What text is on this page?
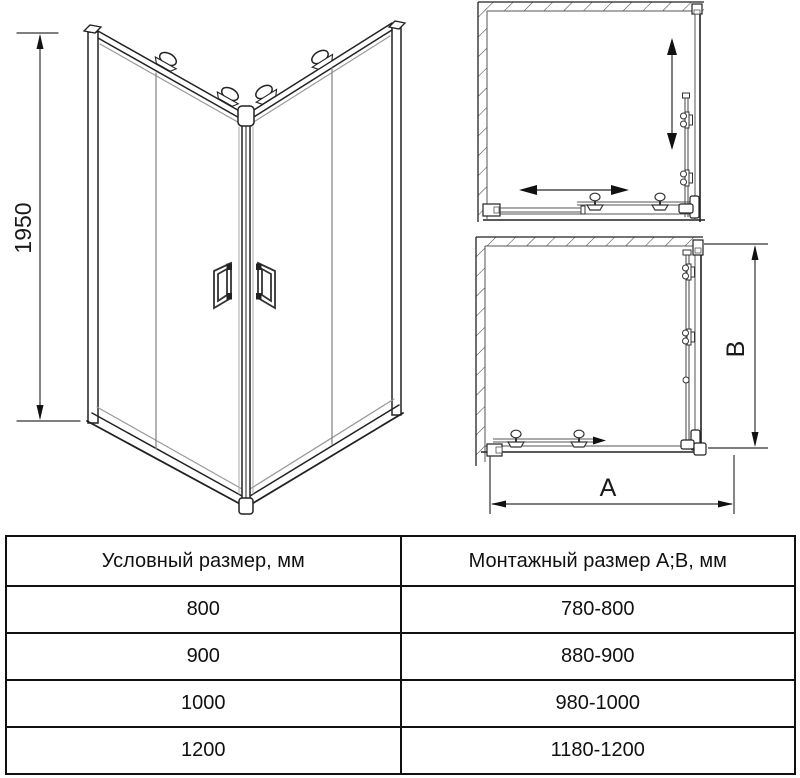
1950
B
A
Условный размер, мм	Монтажный размер А;В, мм
800	780-800
900	880-900
1000	980-1000
1200	1180-1200
